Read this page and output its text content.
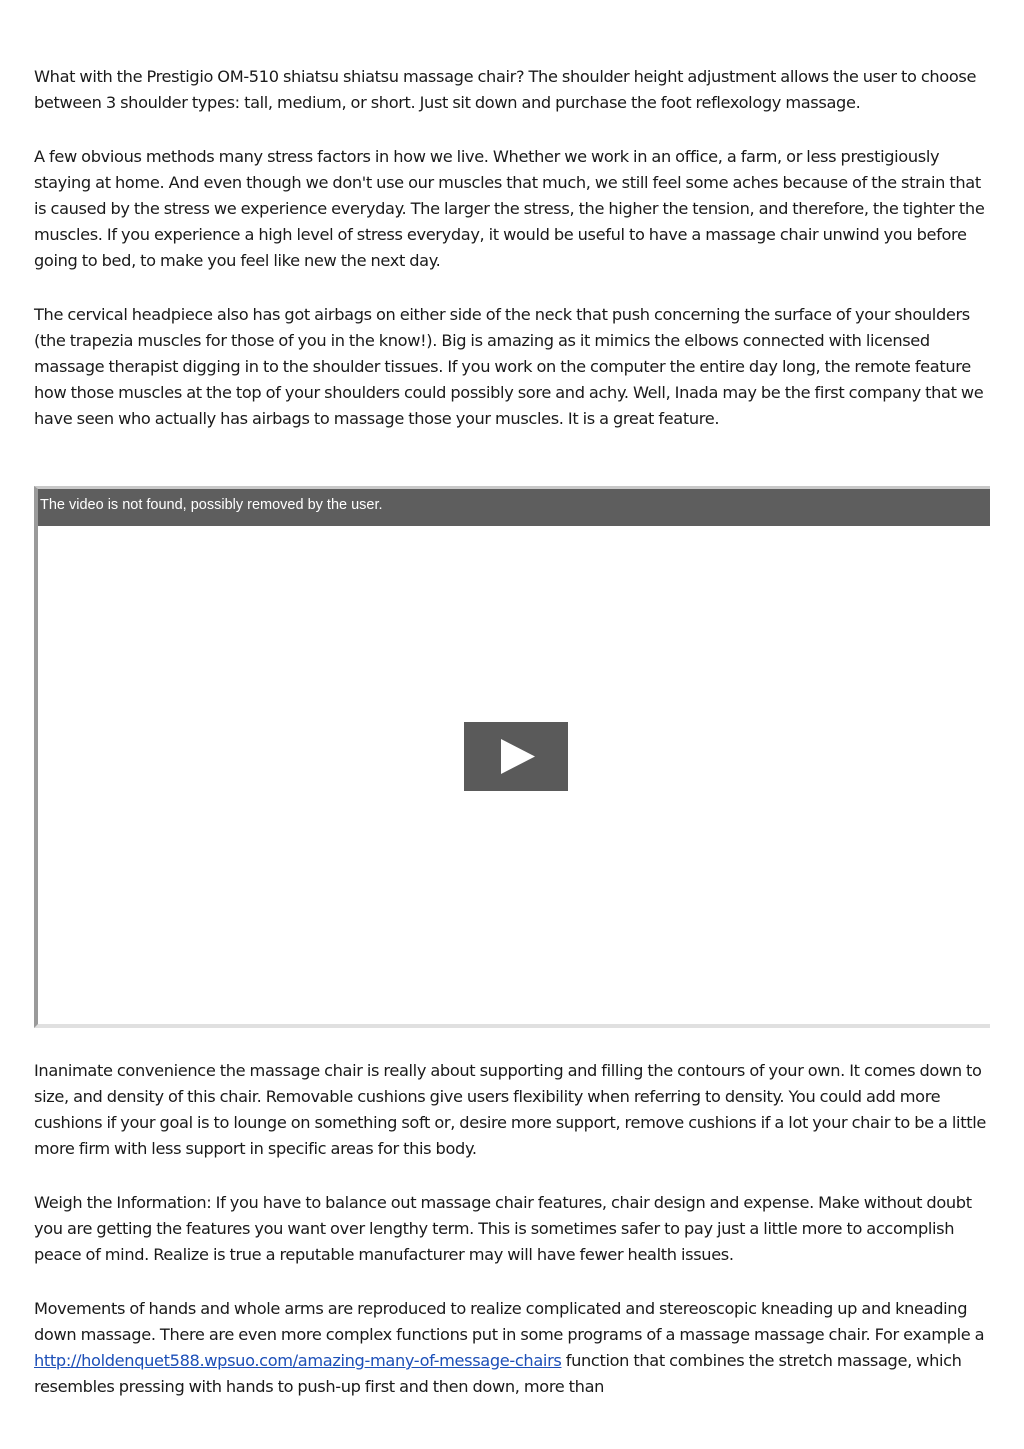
What with the Prestigio OM-510 shiatsu shiatsu massage chair? The shoulder height adjustment allows the user to choose between 3 shoulder types: tall, medium, or short. Just sit down and purchase the foot reflexology massage.

A few obvious methods many stress factors in how we live. Whether we work in an office, a farm, or less prestigiously staying at home. And even though we don't use our muscles that much, we still feel some aches because of the strain that is caused by the stress we experience everyday. The larger the stress, the higher the tension, and therefore, the tighter the muscles. If you experience a high level of stress everyday, it would be useful to have a massage chair unwind you before going to bed, to make you feel like new the next day.

The cervical headpiece also has got airbags on either side of the neck that push concerning the surface of your shoulders (the trapezia muscles for those of you in the know!). Big is amazing as it mimics the elbows connected with licensed massage therapist digging in to the shoulder tissues. If you work on the computer the entire day long, the remote feature how those muscles at the top of your shoulders could possibly sore and achy. Well, Inada may be the first company that we have seen who actually has airbags to massage those your muscles. It is a great feature.

The video is not found, possibly removed by the user.

Inanimate convenience the massage chair is really about supporting and filling the contours of your own. It comes down to size, and density of this chair. Removable cushions give users flexibility when referring to density. You could add more cushions if your goal is to lounge on something soft or, desire more support, remove cushions if a lot your chair to be a little more firm with less support in specific areas for this body.

Weigh the Information: If you have to balance out massage chair features, chair design and expense. Make without doubt you are getting the features you want over lengthy term. This is sometimes safer to pay just a little more to accomplish peace of mind. Realize is true a reputable manufacturer may will have fewer health issues.

Movements of hands and whole arms are reproduced to realize complicated and stereoscopic kneading up and kneading down massage. There are even more complex functions put in some programs of a massage massage chair. For example a http://holdenquet588.wpsuo.com/amazing-many-of-message-chairs function that combines the stretch massage, which resembles pressing with hands to push-up first and then down, more than
